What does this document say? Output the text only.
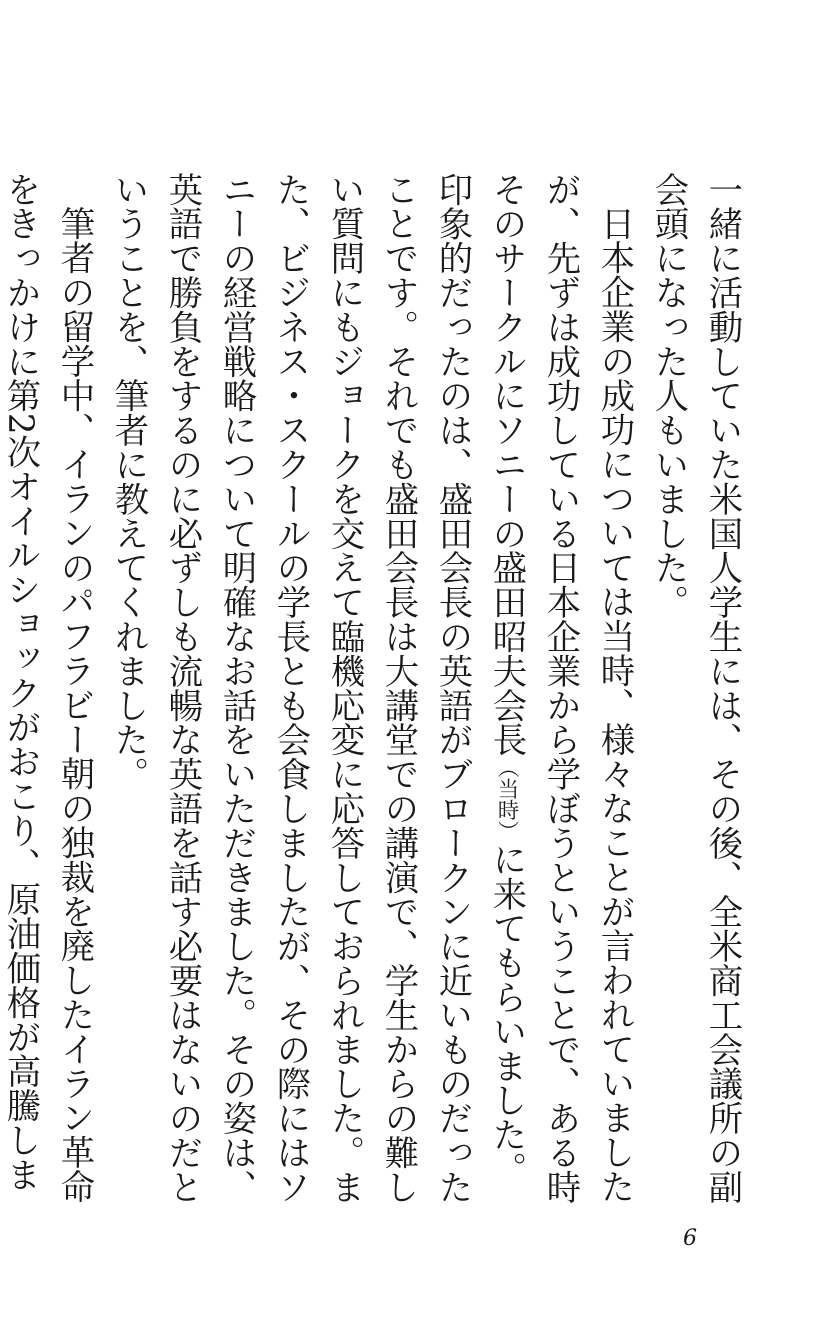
一緒に活動していた米国人学生には、その後、全米商工会議所の副会頭になった人もいました。

日本企業の成功については当時、様々なことが言われていましたが、先ずは成功している日本企業から学ぼうということで、ある時そのサークルにソニーの盛田昭夫会長（当時）に来てもらいました。印象的だったのは、盛田会長の英語がブロークンに近いものだったことです。それでも盛田会長は大講堂での講演で、学生からの難しい質問にもジョークを交えて臨機応変に応答しておられました。また、ビジネス・スクールの学長とも会食しましたが、その際にはソニーの経営戦略について明確なお話をいただきました。その姿は、英語で勝負をするのに必ずしも流暢な英語を話す必要はないのだということを、筆者に教えてくれました。

筆者の留学中、イランのパフラビー朝の独裁を廃したイラン革命をきっかけに第2次オイルショックがおこり、原油価格が高騰しま

6
